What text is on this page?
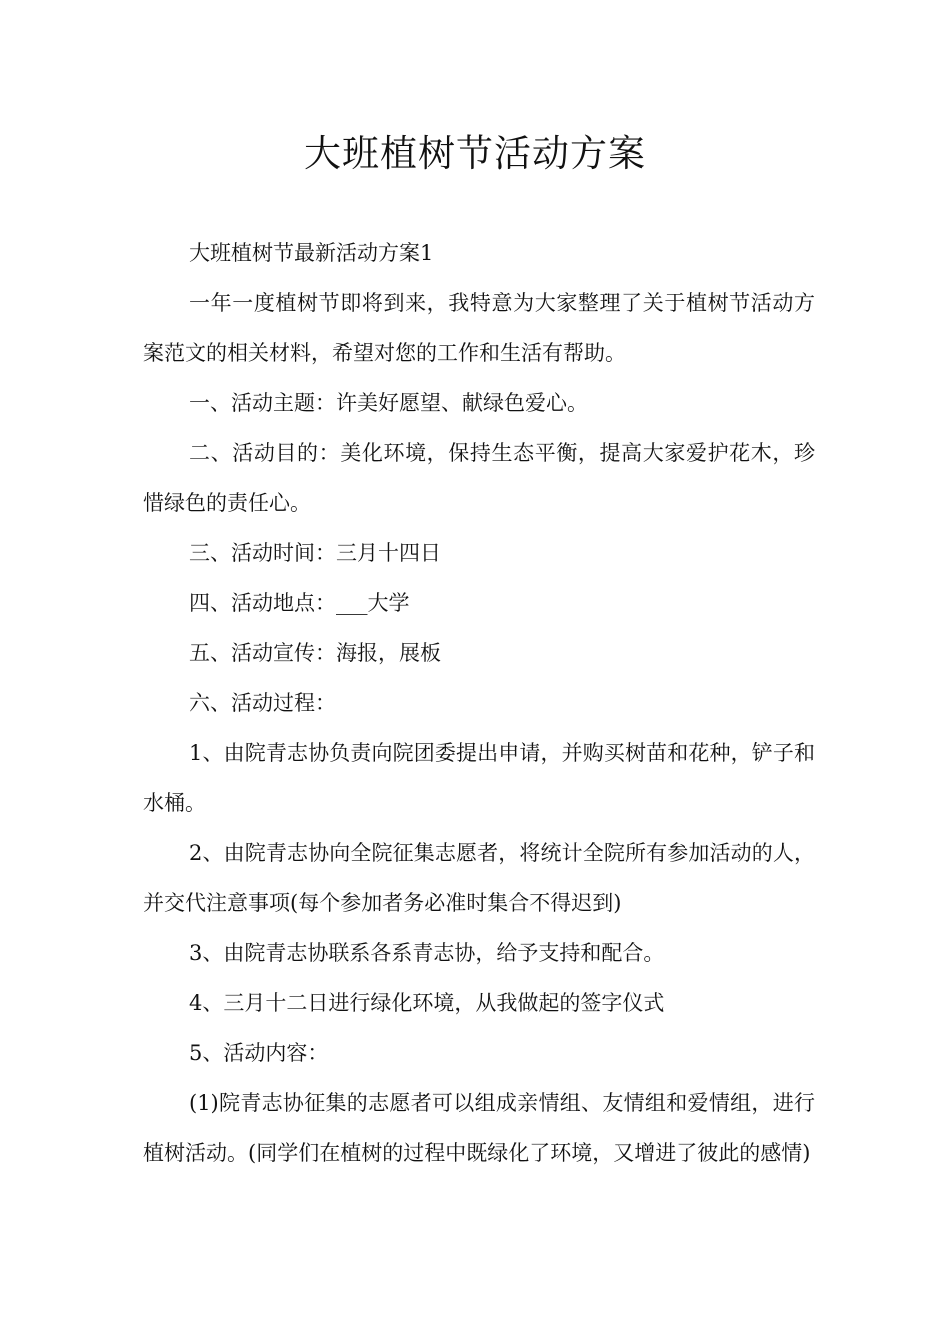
大班植树节活动方案

大班植树节最新活动方案1

一年一度植树节即将到来，我特意为大家整理了关于植树节活动方案范文的相关材料，希望对您的工作和生活有帮助。

一、活动主题：许美好愿望、献绿色爱心。

二、活动目的：美化环境，保持生态平衡，提高大家爱护花木，珍惜绿色的责任心。

三、活动时间：三月十四日

四、活动地点：___大学

五、活动宣传：海报，展板

六、活动过程：

1、由院青志协负责向院团委提出申请，并购买树苗和花种，铲子和水桶。

2、由院青志协向全院征集志愿者，将统计全院所有参加活动的人，并交代注意事项(每个参加者务必准时集合不得迟到)

3、由院青志协联系各系青志协，给予支持和配合。

4、三月十二日进行绿化环境，从我做起的签字仪式

5、活动内容：

(1)院青志协征集的志愿者可以组成亲情组、友情组和爱情组，进行植树活动。(同学们在植树的过程中既绿化了环境，又增进了彼此的感情)
